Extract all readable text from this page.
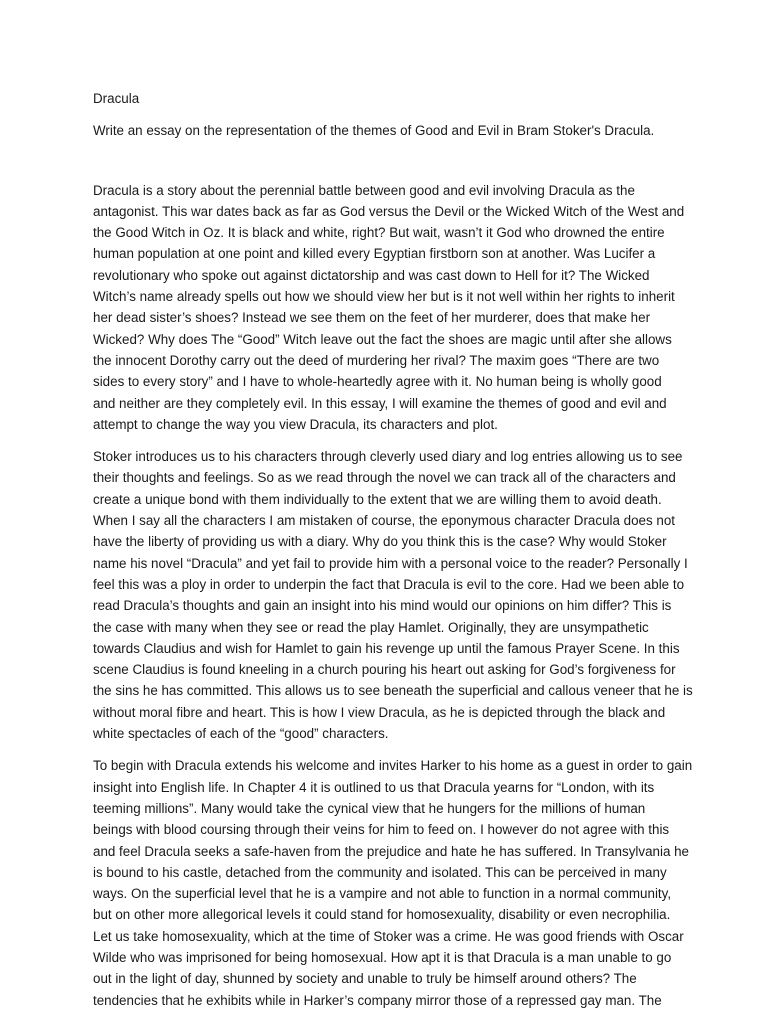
Dracula
Write an essay on the representation of the themes of Good and Evil in Bram Stoker's Dracula.
Dracula is a story about the perennial battle between good and evil involving Dracula as the
antagonist. This war dates back as far as God versus the Devil or the Wicked Witch of the West and
the Good Witch in Oz. It is black and white, right? But wait, wasn’t it God who drowned the entire
human population at one point and killed every Egyptian firstborn son at another. Was Lucifer a
revolutionary who spoke out against dictatorship and was cast down to Hell for it? The Wicked
Witch’s name already spells out how we should view her but is it not well within her rights to inherit
her dead sister’s shoes? Instead we see them on the feet of her murderer, does that make her
Wicked? Why does The “Good” Witch leave out the fact the shoes are magic until after she allows
the innocent Dorothy carry out the deed of murdering her rival? The maxim goes “There are two
sides to every story” and I have to whole-heartedly agree with it. No human being is wholly good
and neither are they completely evil. In this essay, I will examine the themes of good and evil and
attempt to change the way you view Dracula, its characters and plot.
Stoker introduces us to his characters through cleverly used diary and log entries allowing us to see
their thoughts and feelings. So as we read through the novel we can track all of the characters and
create a unique bond with them individually to the extent that we are willing them to avoid death.
When I say all the characters I am mistaken of course, the eponymous character Dracula does not
have the liberty of providing us with a diary. Why do you think this is the case? Why would Stoker
name his novel “Dracula” and yet fail to provide him with a personal voice to the reader? Personally I
feel this was a ploy in order to underpin the fact that Dracula is evil to the core. Had we been able to
read Dracula’s thoughts and gain an insight into his mind would our opinions on him differ? This is
the case with many when they see or read the play Hamlet. Originally, they are unsympathetic
towards Claudius and wish for Hamlet to gain his revenge up until the famous Prayer Scene. In this
scene Claudius is found kneeling in a church pouring his heart out asking for God’s forgiveness for
the sins he has committed. This allows us to see beneath the superficial and callous veneer that he is
without moral fibre and heart. This is how I view Dracula, as he is depicted through the black and
white spectacles of each of the “good” characters.
To begin with Dracula extends his welcome and invites Harker to his home as a guest in order to gain
insight into English life. In Chapter 4 it is outlined to us that Dracula yearns for “London, with its
teeming millions”. Many would take the cynical view that he hungers for the millions of human
beings with blood coursing through their veins for him to feed on. I however do not agree with this
and feel Dracula seeks a safe-haven from the prejudice and hate he has suffered. In Transylvania he
is bound to his castle, detached from the community and isolated. This can be perceived in many
ways. On the superficial level that he is a vampire and not able to function in a normal community,
but on other more allegorical levels it could stand for homosexuality, disability or even necrophilia.
Let us take homosexuality, which at the time of Stoker was a crime. He was good friends with Oscar
Wilde who was imprisoned for being homosexual. How apt it is that Dracula is a man unable to go
out in the light of day, shunned by society and unable to truly be himself around others? The
tendencies that he exhibits while in Harker’s company mirror those of a repressed gay man. The
